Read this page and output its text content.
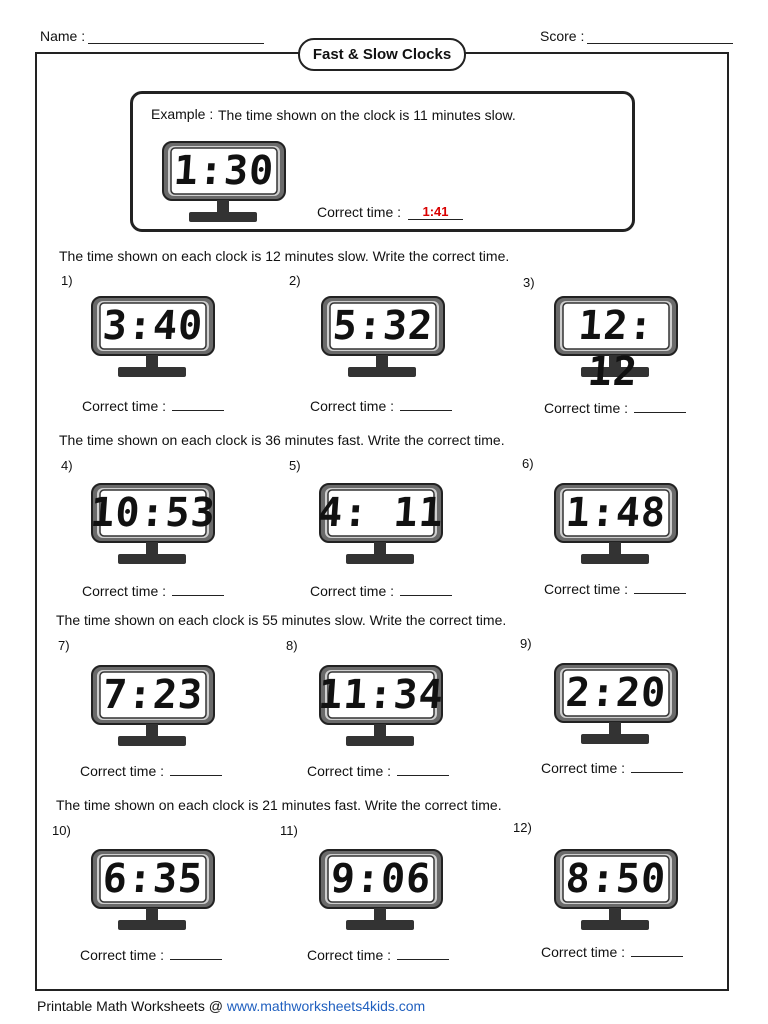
Name :	Score :
Fast & Slow Clocks
Example : The time shown on the clock is 11 minutes slow.
1:30
Correct time :	1:41
The time shown on each clock is 12 minutes slow. Write the correct time.
The time shown on each clock is 36 minutes fast. Write the correct time.
The time shown on each clock is 55 minutes slow. Write the correct time.
The time shown on each clock is 21 minutes fast. Write the correct time.
1)
3:40
Correct time :
2)
5:32
Correct time :
3)
12: 12
Correct time :
4)
10:53
Correct time :
5)
4: 11
Correct time :
6)
1:48
Correct time :
7)
7:23
Correct time :
8)
11:34
Correct time :
9)
2:20
Correct time :
10)
6:35
Correct time :
11)
9:06
Correct time :
12)
8:50
Correct time :
Printable Math Worksheets @ www.mathworksheets4kids.com
